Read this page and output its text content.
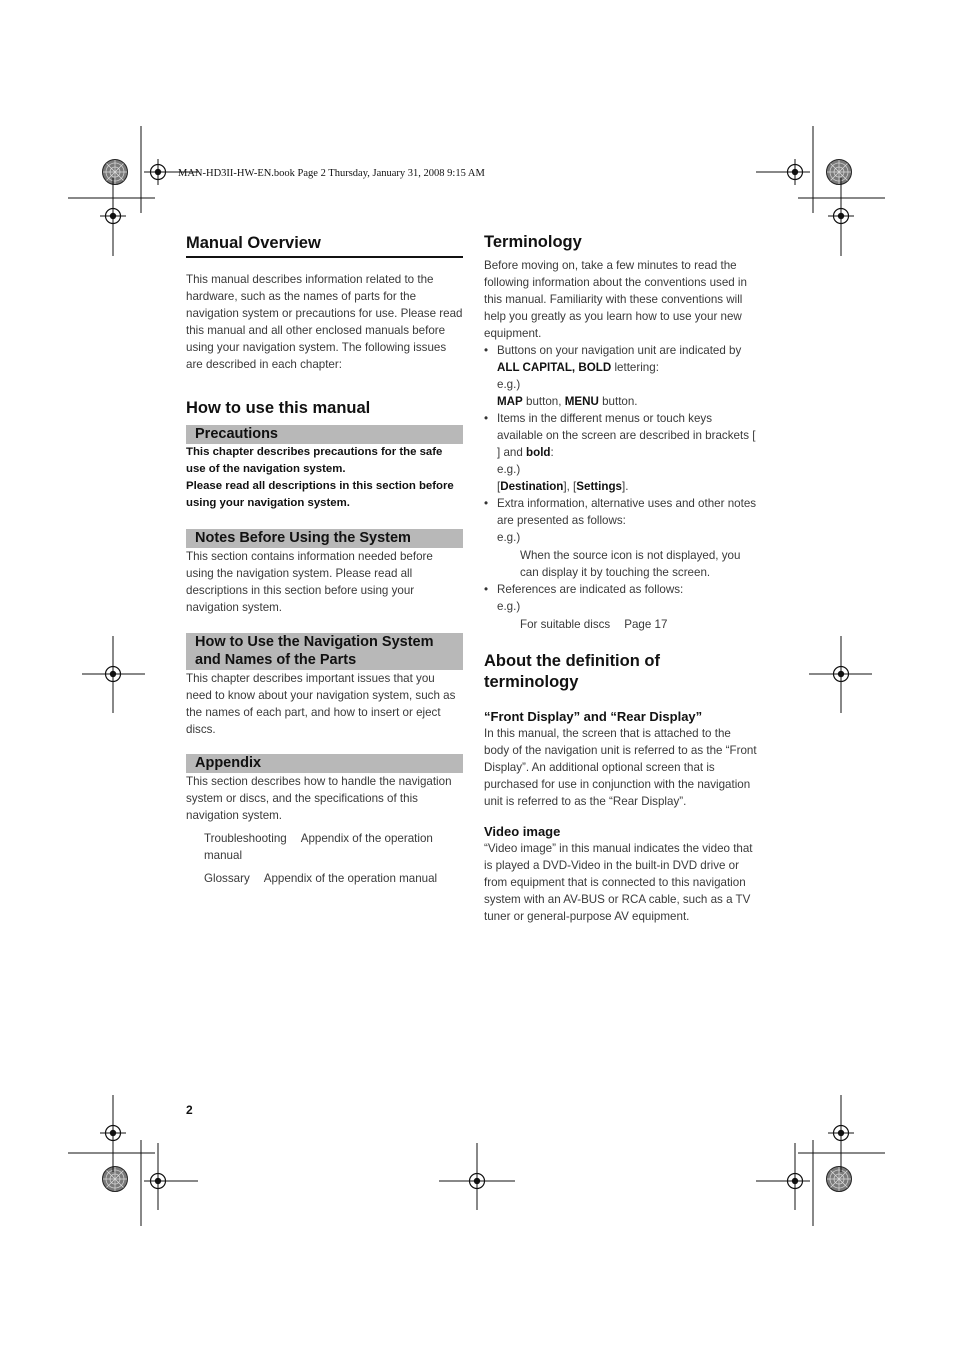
MAN-HD3II-HW-EN.book Page 2 Thursday, January 31, 2008 9:15 AM
Manual Overview

This manual describes information related to the hardware, such as the names of parts for the navigation system or precautions for use. Please read this manual and all other enclosed manuals before using your navigation system. The following issues are described in each chapter:

How to use this manual
Precautions

This chapter describes precautions for the safe use of the navigation system.

Please read all descriptions in this section before using your navigation system.

Notes Before Using the System

This section contains information needed before using the navigation system. Please read all descriptions in this section before using your navigation system.

How to Use the Navigation System
and Names of the Parts

This chapter describes important issues that you need to know about your navigation system, such as the names of each part, and how to insert or eject discs.

Appendix

This section describes how to handle the navigation system or discs, and the specifications of this navigation system.

Troubleshooting Appendix of the operation
manual
Glossary Appendix of the operation manual
Terminology

Before moving on, take a few minutes to read the following information about the conventions used in this manual. Familiarity with these conventions will help you greatly as you learn how to use your new equipment.

• Buttons on your navigation unit are indicated by ALL CAPITAL, BOLD lettering:
e.g.)
MAP button, MENU button.
• Items in the different menus or touch keys available on the screen are described in brackets [ ] and bold:
e.g.)
[Destination], [Settings].
• Extra information, alternative uses and other notes are presented as follows:
e.g.)
When the source icon is not displayed, you can display it by touching the screen.
• References are indicated as follows:
e.g.)
For suitable discs Page 17
About the definition of
terminology
“Front Display” and “Rear Display”

In this manual, the screen that is attached to the body of the navigation unit is referred to as the “Front Display”. An additional optional screen that is purchased for use in conjunction with the navigation unit is referred to as the “Rear Display”.

Video image

“Video image” in this manual indicates the video that is played a DVD-Video in the built-in DVD drive or from equipment that is connected to this navigation system with an AV-BUS or RCA cable, such as a TV tuner or general-purpose AV equipment.

2
